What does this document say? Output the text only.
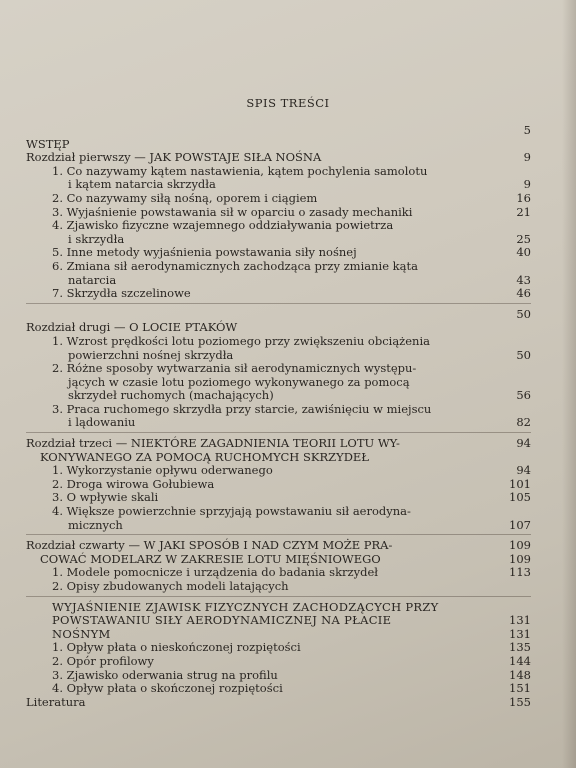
SPIS TREŚCI
5
WSTĘP
Rozdział pierwszy — JAK POWSTAJE SIŁA NOŚNA	9
1. Co nazywamy kątem nastawienia, kątem pochylenia samolotu
i kątem natarcia skrzydła	9
2. Co nazywamy siłą nośną, oporem i ciągiem	16
3. Wyjaśnienie powstawania sił w oparciu o zasady mechaniki	21
4. Zjawisko fizyczne wzajemnego oddziaływania powietrza
i skrzydła	25
5. Inne metody wyjaśnienia powstawania siły nośnej	40
6. Zmiana sił aerodynamicznych zachodząca przy zmianie kąta
natarcia	43
7. Skrzydła szczelinowe	46
50
Rozdział drugi — O LOCIE PTAKÓW
1. Wzrost prędkości lotu poziomego przy zwiększeniu obciążenia
powierzchni nośnej skrzydła	50
2. Różne sposoby wytwarzania sił aerodynamicznych występu-
jących w czasie lotu poziomego wykonywanego za pomocą
skrzydeł ruchomych (machających)	56
3. Praca ruchomego skrzydła przy starcie, zawiśnięciu w miejscu
i lądowaniu	82
Rozdział trzeci — NIEKTÓRE ZAGADNIENIA TEORII LOTU WY-	94
KONYWANEGO ZA POMOCĄ RUCHOMYCH SKRZYDEŁ
1. Wykorzystanie opływu oderwanego	94
2. Droga wirowa Gołubiewa	101
3. O wpływie skali	105
4. Większe powierzchnie sprzyjają powstawaniu sił aerodyna-
micznych	107
Rozdział czwarty — W JAKI SPOSÓB I NAD CZYM MOŻE PRA-	109
COWAĆ MODELARZ W ZAKRESIE LOTU MIĘŚNIOWEGO	109
1. Modele pomocnicze i urządzenia do badania skrzydeł	113
2. Opisy zbudowanych modeli latających
WYJAŚNIENIE ZJAWISK FIZYCZNYCH ZACHODZĄCYCH PRZY
POWSTAWANIU SIŁY AERODYNAMICZNEJ NA PŁACIE	131
NOŚNYM	131
1. Opływ płata o nieskończonej rozpiętości	135
2. Opór profilowy	144
3. Zjawisko oderwania strug na profilu	148
4. Opływ płata o skończonej rozpiętości	151
Literatura	155
